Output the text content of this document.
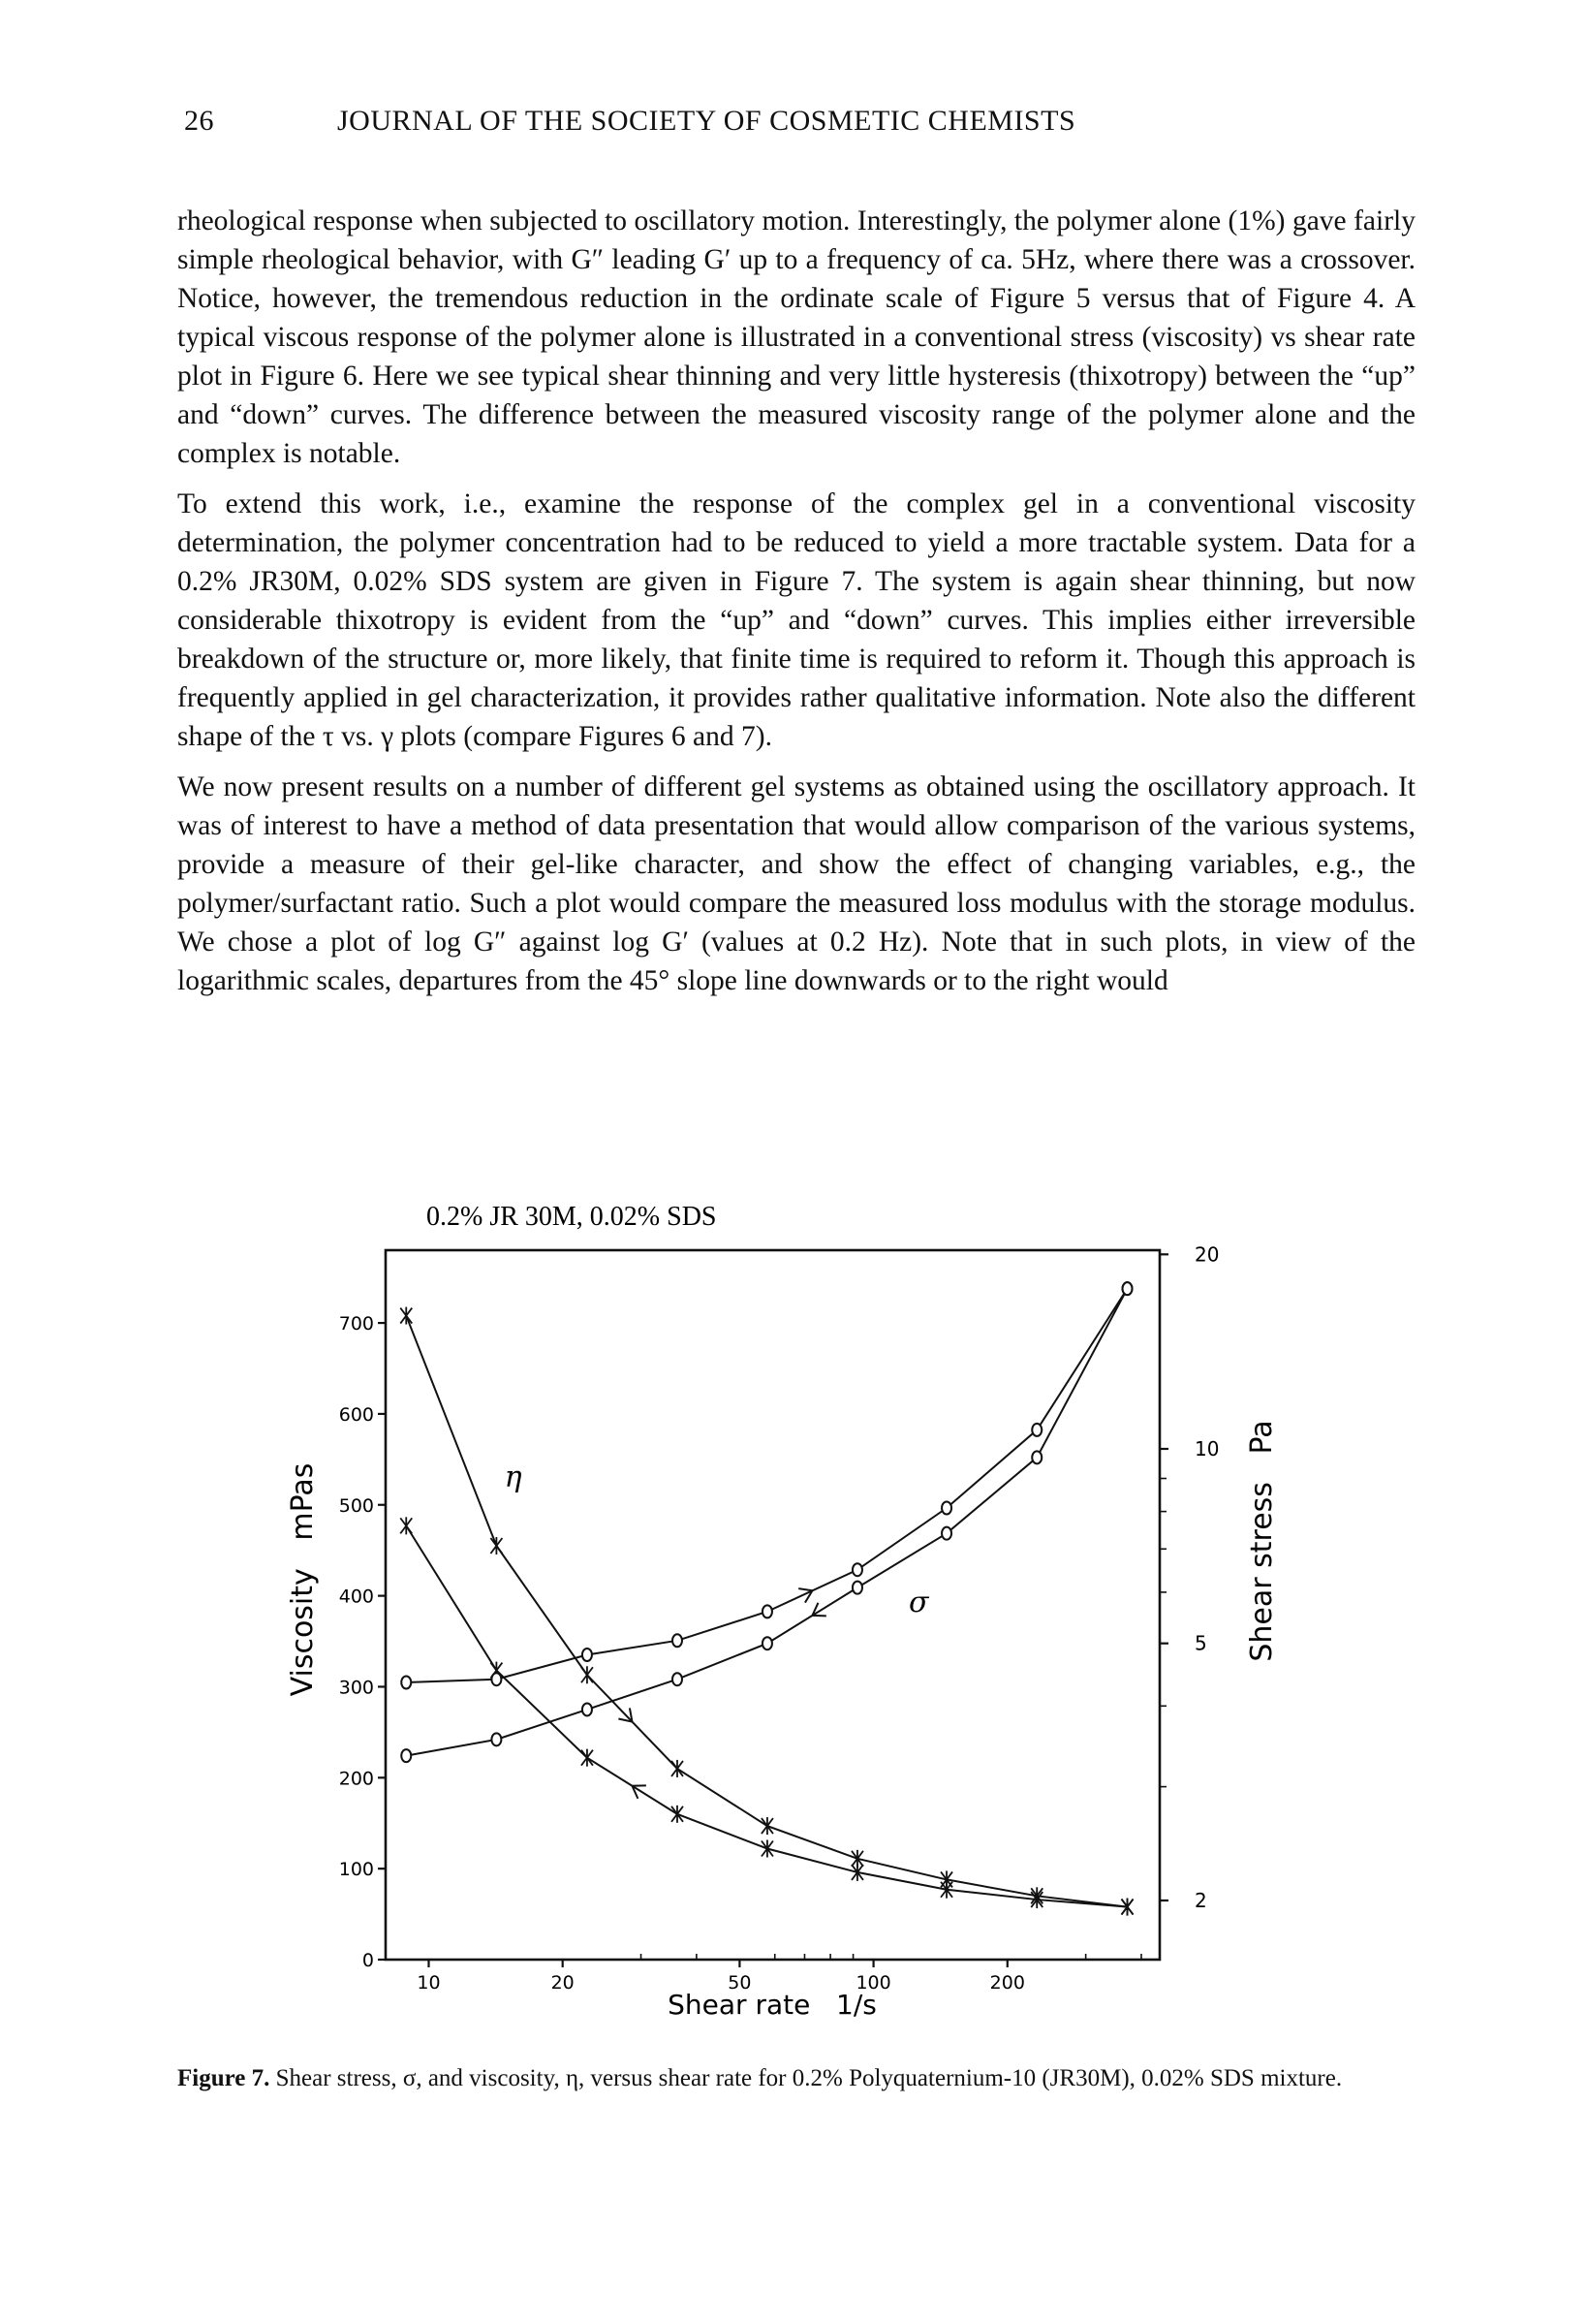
26	JOURNAL OF THE SOCIETY OF COSMETIC CHEMISTS

rheological response when subjected to oscillatory motion. Interestingly, the polymer alone (1%) gave fairly simple rheological behavior, with G″ leading G′ up to a frequency of ca. 5Hz, where there was a crossover. Notice, however, the tremendous reduction in the ordinate scale of Figure 5 versus that of Figure 4. A typical viscous response of the polymer alone is illustrated in a conventional stress (viscosity) vs shear rate plot in Figure 6. Here we see typical shear thinning and very little hysteresis (thixotropy) between the “up” and “down” curves. The difference between the measured viscosity range of the polymer alone and the complex is notable.

To extend this work, i.e., examine the response of the complex gel in a conventional viscosity determination, the polymer concentration had to be reduced to yield a more tractable system. Data for a 0.2% JR30M, 0.02% SDS system are given in Figure 7. The system is again shear thinning, but now considerable thixotropy is evident from the “up” and “down” curves. This implies either irreversible breakdown of the structure or, more likely, that finite time is required to reform it. Though this approach is frequently applied in gel characterization, it provides rather qualitative information. Note also the different shape of the τ vs. γ plots (compare Figures 6 and 7).

We now present results on a number of different gel systems as obtained using the oscillatory approach. It was of interest to have a method of data presentation that would allow comparison of the various systems, provide a measure of their gel-like character, and show the effect of changing variables, e.g., the polymer/surfactant ratio. Such a plot would compare the measured loss modulus with the storage modulus. We chose a plot of log G″ against log G′ (values at 0.2 Hz). Note that in such plots, in view of the logarithmic scales, departures from the 45° slope line downwards or to the right would

0.2% JR 30M, 0.02% SDS
0
100
200
300
400
500
600
700
10	20	50	100	200
2
5
10
20
η
σ
Shear rate   1/s
Viscosity   mPas	Shear stress   Pa
Figure 7. Shear stress, σ, and viscosity, η, versus shear rate for 0.2% Polyquaternium-10 (JR30M), 0.02% SDS mixture.
